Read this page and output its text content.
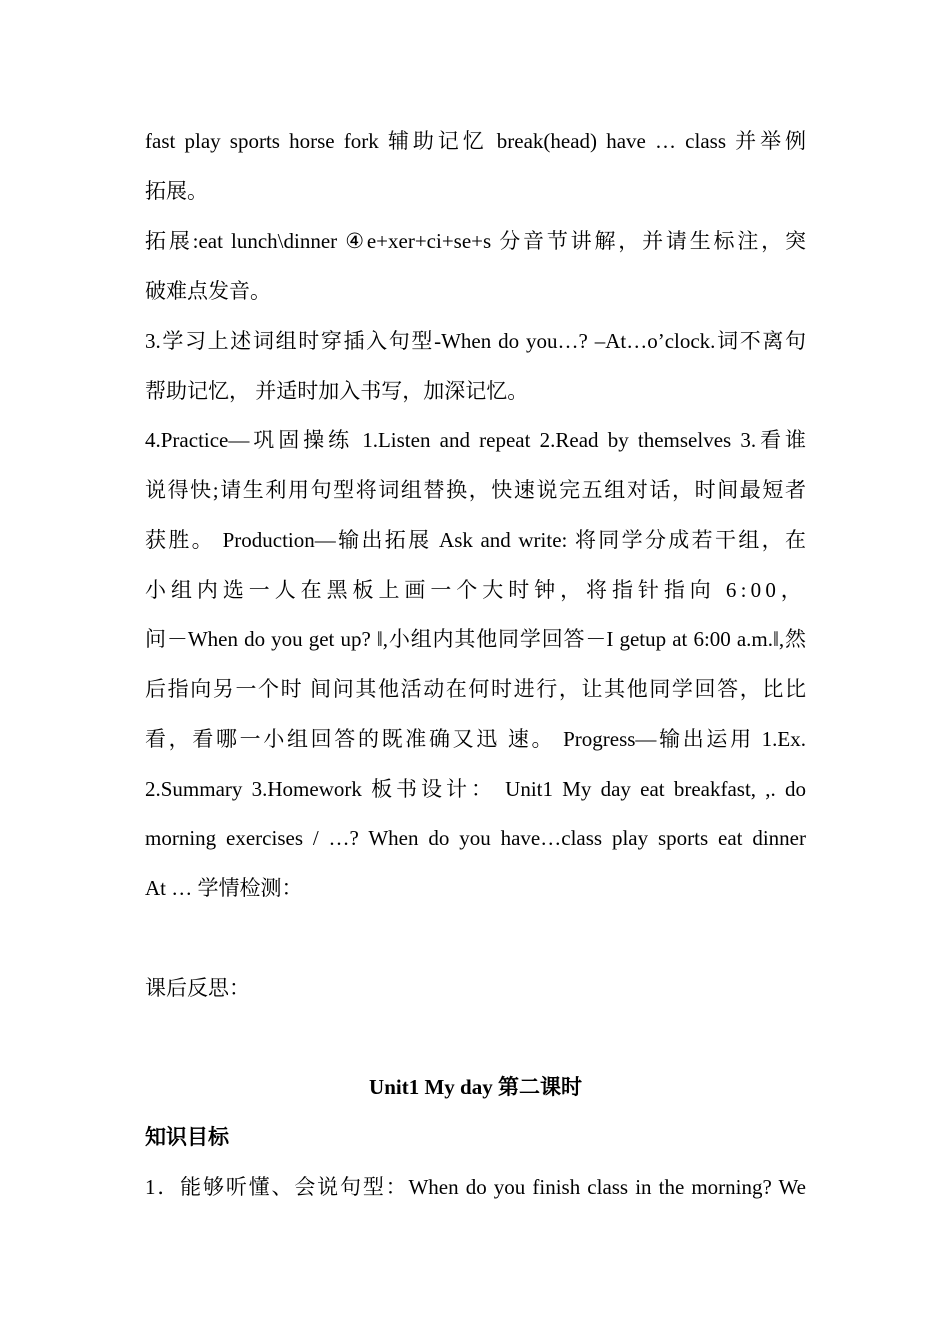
fast play sports horse fork 辅助记忆 break(head) have … class 并举例
拓展。
拓展:eat lunch\dinner ④e+xer+ci+se+s 分音节讲解，并请生标注，突
破难点发音。
3.学习上述词组时穿插入句型-When do you…? –At…o’clock.词不离句
帮助记忆， 并适时加入书写，加深记忆。
4.Practice—巩固操练 1.Listen and repeat 2.Read by themselves 3.看谁
说得快;请生利用句型将词组替换，快速说完五组对话，时间最短者
获胜。 Production—输出拓展 Ask and write: 将同学分成若干组，在
小组内选一人在黑板上画一个大时钟，将指针指向 6:00，
问－When do you get up? ‖,小组内其他同学回答－I getup at 6:00 a.m.‖,然
后指向另一个时 间问其他活动在何时进行，让其他同学回答，比比
看，看哪一小组回答的既准确又迅 速。 Progress—输出运用 1.Ex.
2.Summary 3.Homework 板书设计： Unit1 My day eat breakfast, ,. do
morning exercises / …? When do you have…class play sports eat dinner
At … 学情检测：
课后反思：
Unit1 My day 第二课时
知识目标
1．能够听懂、会说句型：When do you finish class in the morning? We
